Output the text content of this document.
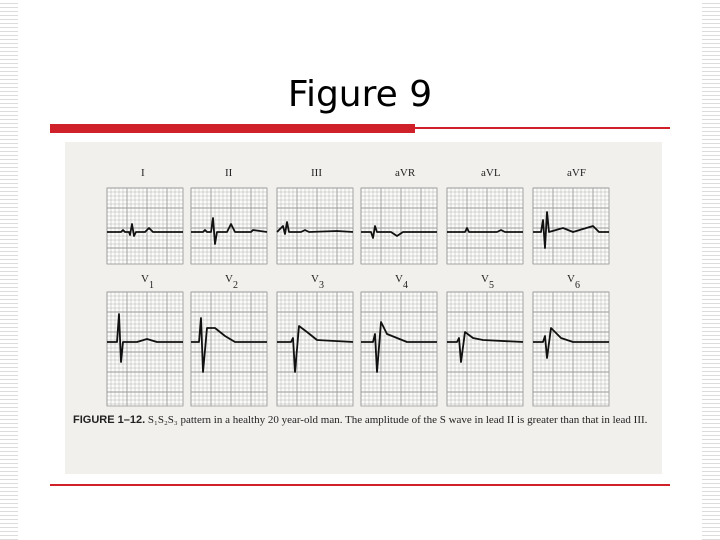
Figure 9
I	II	III	aVR	aVL	aVF
V1
V2
V3
V4
V5
V6
FIGURE 1–12. S₁S₂S₃ pattern in a healthy 20 year-old man. The amplitude of the S wave in lead II is greater than that in lead III.
